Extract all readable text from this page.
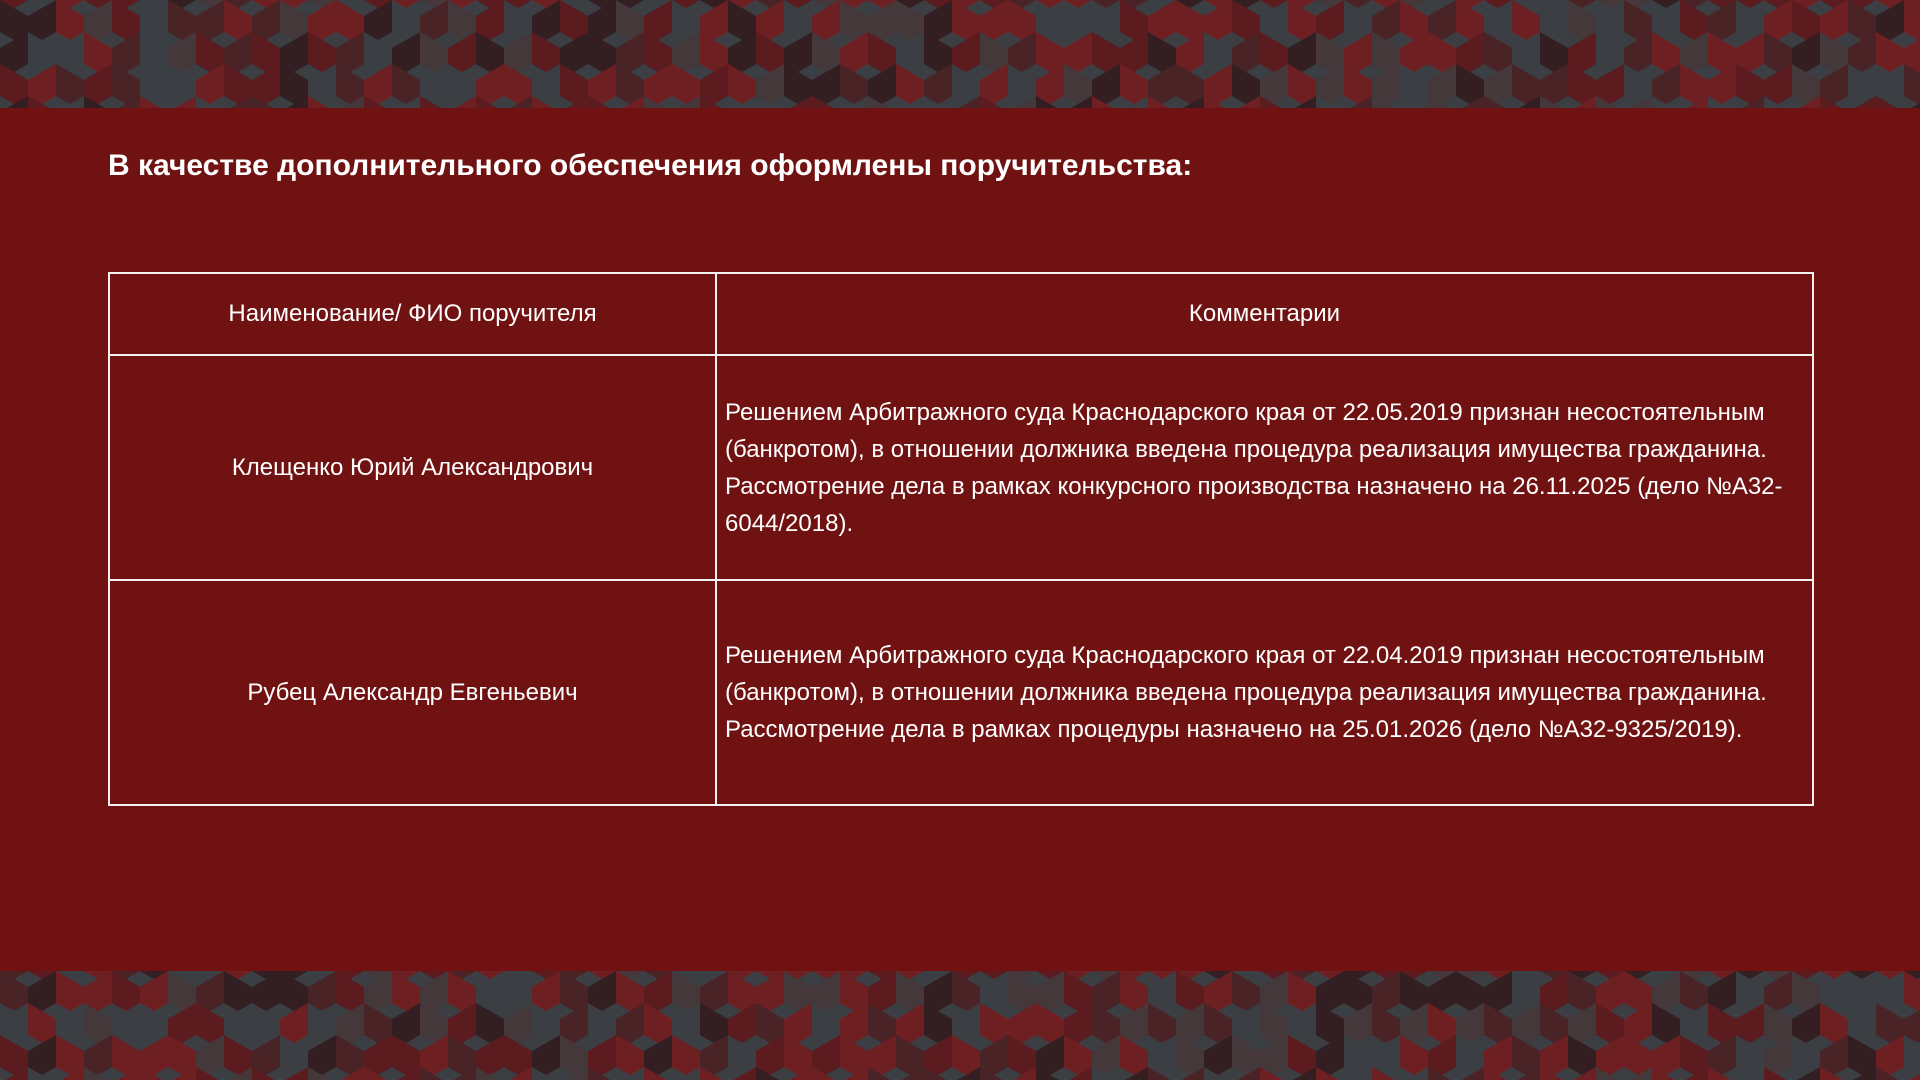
В качестве дополнительного обеспечения оформлены поручительства:
Наименование/ ФИО поручителя	Комментарии
Клещенко Юрий Александрович	Решением Арбитражного суда Краснодарского края от 22.05.2019 признан несостоятельным (банкротом), в отношении должника введена процедура реализация имущества гражданина. Рассмотрение дела в рамках конкурсного производства назначено на 26.11.2025 (дело №А32-6044/2018).
Рубец Александр Евгеньевич	Решением Арбитражного суда Краснодарского края от 22.04.2019 признан несостоятельным (банкротом), в отношении должника введена процедура реализация имущества гражданина. Рассмотрение дела в рамках процедуры назначено на 25.01.2026 (дело №А32-9325/2019).
